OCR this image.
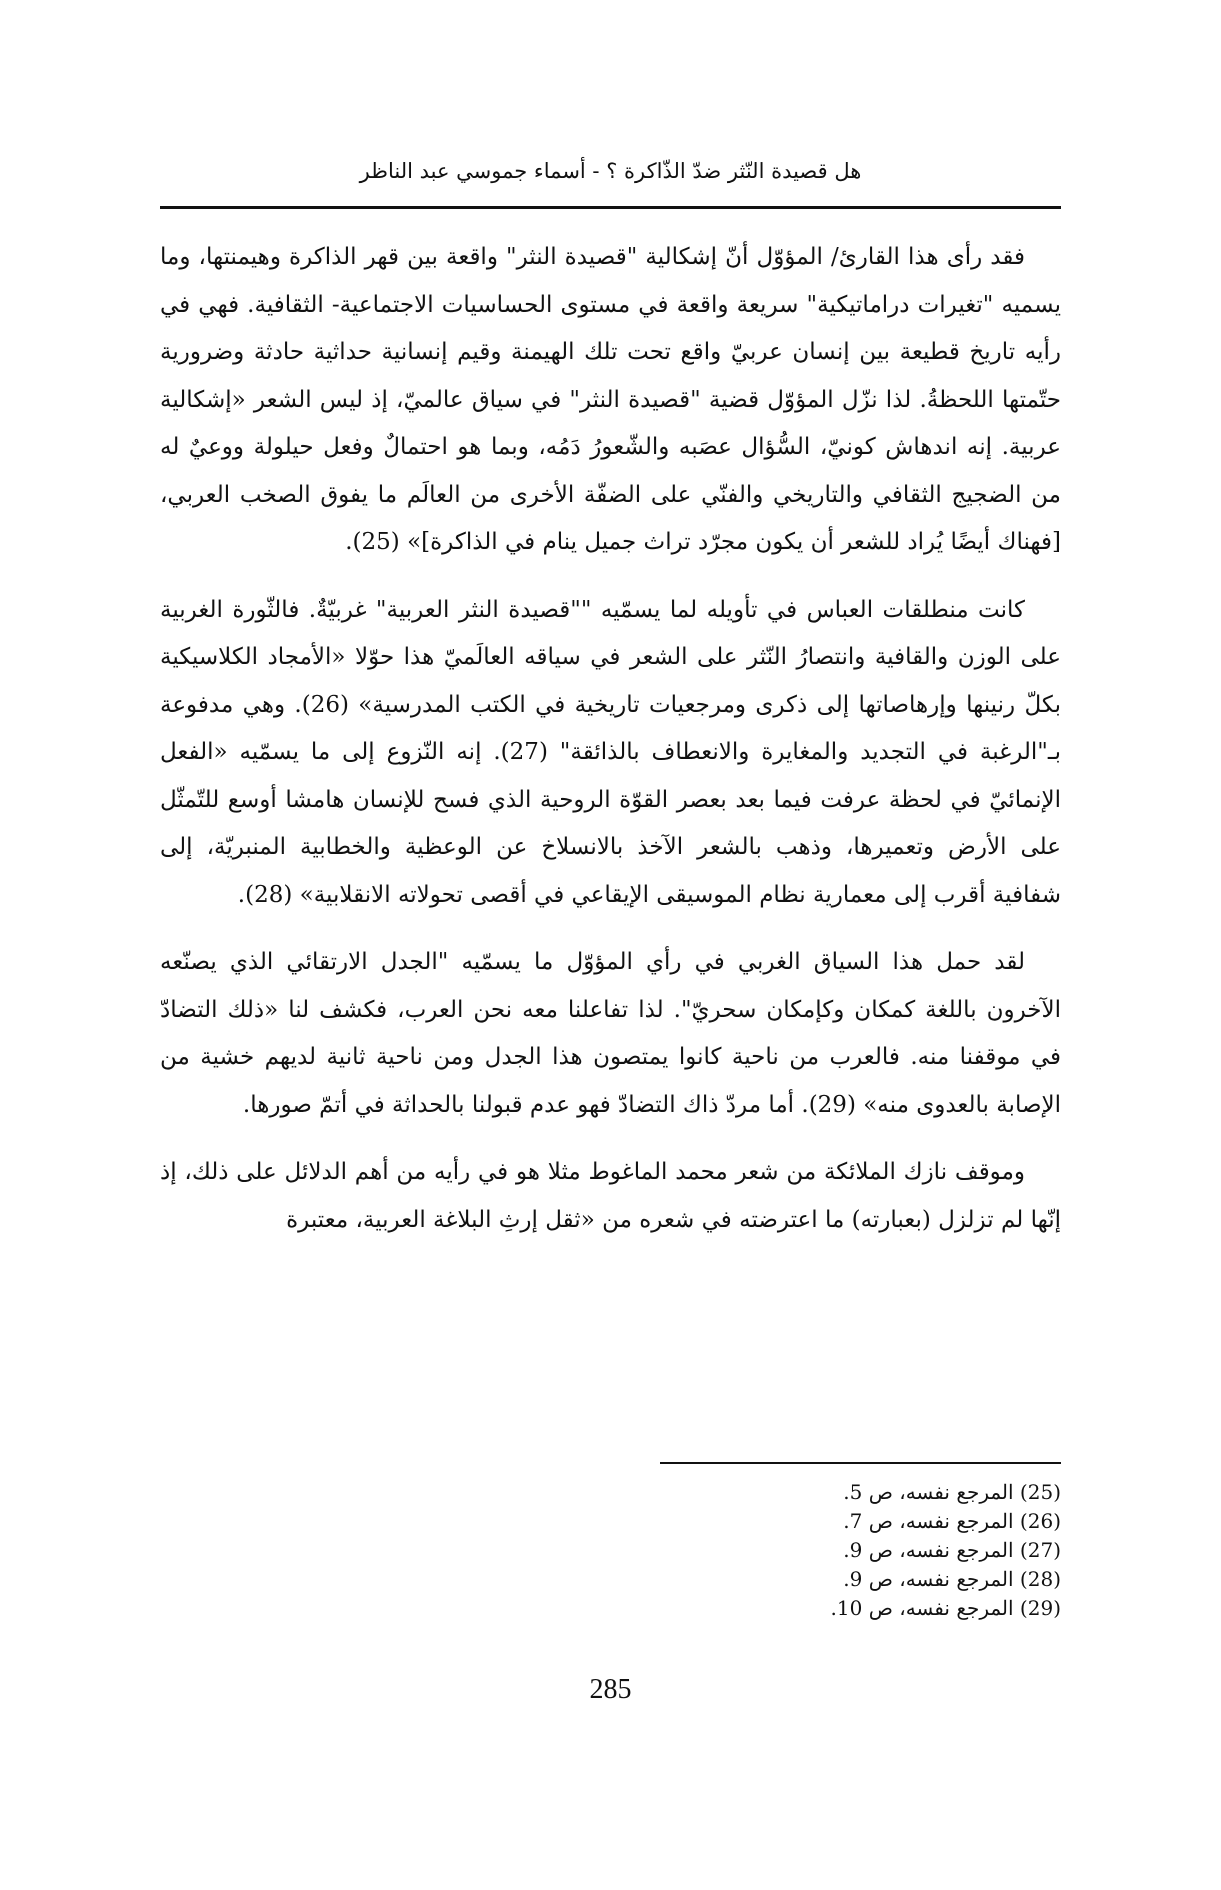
هل قصيدة النّثر ضدّ الذّاكرة ؟ - أسماء جموسي عبد الناظر

فقد رأى هذا القارئ/ المؤوّل أنّ إشكالية "قصيدة النثر" واقعة بين قهر الذاكرة وهيمنتها، وما يسميه "تغيرات دراماتيكية" سريعة واقعة في مستوى الحساسيات الاجتماعية- الثقافية. فهي في رأيه تاريخ قطيعة بين إنسان عربيّ واقع تحت تلك الهيمنة وقيم إنسانية حداثية حادثة وضرورية حتّمتها اللحظةُ. لذا نزّل المؤوّل قضية "قصيدة النثر" في سياق عالميّ، إذ ليس الشعر «إشكالية عربية. إنه اندهاش كونيّ، السُّؤال عصَبه والشّعورُ دَمُه، وبما هو احتمالٌ وفعل حيلولة ووعيٌ له من الضجيج الثقافي والتاريخي والفنّي على الضفّة الأخرى من العالَم ما يفوق الصخب العربي، [فهناك أيضًا يُراد للشعر أن يكون مجرّد تراث جميل ينام في الذاكرة]» (25).

كانت منطلقات العباس في تأويله لما يسمّيه ""قصيدة النثر العربية" غربيّةٌ. فالثّورة الغربية على الوزن والقافية وانتصارُ النّثر على الشعر في سياقه العالَميّ هذا حوّلا «الأمجاد الكلاسيكية بكلّ رنينها وإرهاصاتها إلى ذكرى ومرجعيات تاريخية في الكتب المدرسية» (26). وهي مدفوعة بـ"الرغبة في التجديد والمغايرة والانعطاف بالذائقة" (27). إنه النّزوع إلى ما يسمّيه «الفعل الإنمائيّ في لحظة عرفت فيما بعد بعصر القوّة الروحية الذي فسح للإنسان هامشا أوسع للتّمثّل على الأرض وتعميرها، وذهب بالشعر الآخذ بالانسلاخ عن الوعظية والخطابية المنبريّة، إلى شفافية أقرب إلى معمارية نظام الموسيقى الإيقاعي في أقصى تحولاته الانقلابية» (28).

لقد حمل هذا السياق الغربي في رأي المؤوّل ما يسمّيه "الجدل الارتقائي الذي يصنّعه الآخرون باللغة كمكان وكإمكان سحريّ". لذا تفاعلنا معه نحن العرب، فكشف لنا «ذلك التضادّ في موقفنا منه. فالعرب من ناحية كانوا يمتصون هذا الجدل ومن ناحية ثانية لديهم خشية من الإصابة بالعدوى منه» (29). أما مردّ ذاك التضادّ فهو عدم قبولنا بالحداثة في أتمّ صورها.

وموقف نازك الملائكة من شعر محمد الماغوط مثلا هو في رأيه من أهم الدلائل على ذلك، إذ إنّها لم تزلزل (بعبارته) ما اعترضته في شعره من «ثقل إرثِ البلاغة العربية، معتبرة

(25) المرجع نفسه، ص 5.
(26) المرجع نفسه، ص 7.
(27) المرجع نفسه، ص 9.
(28) المرجع نفسه، ص 9.
(29) المرجع نفسه، ص 10.
285
